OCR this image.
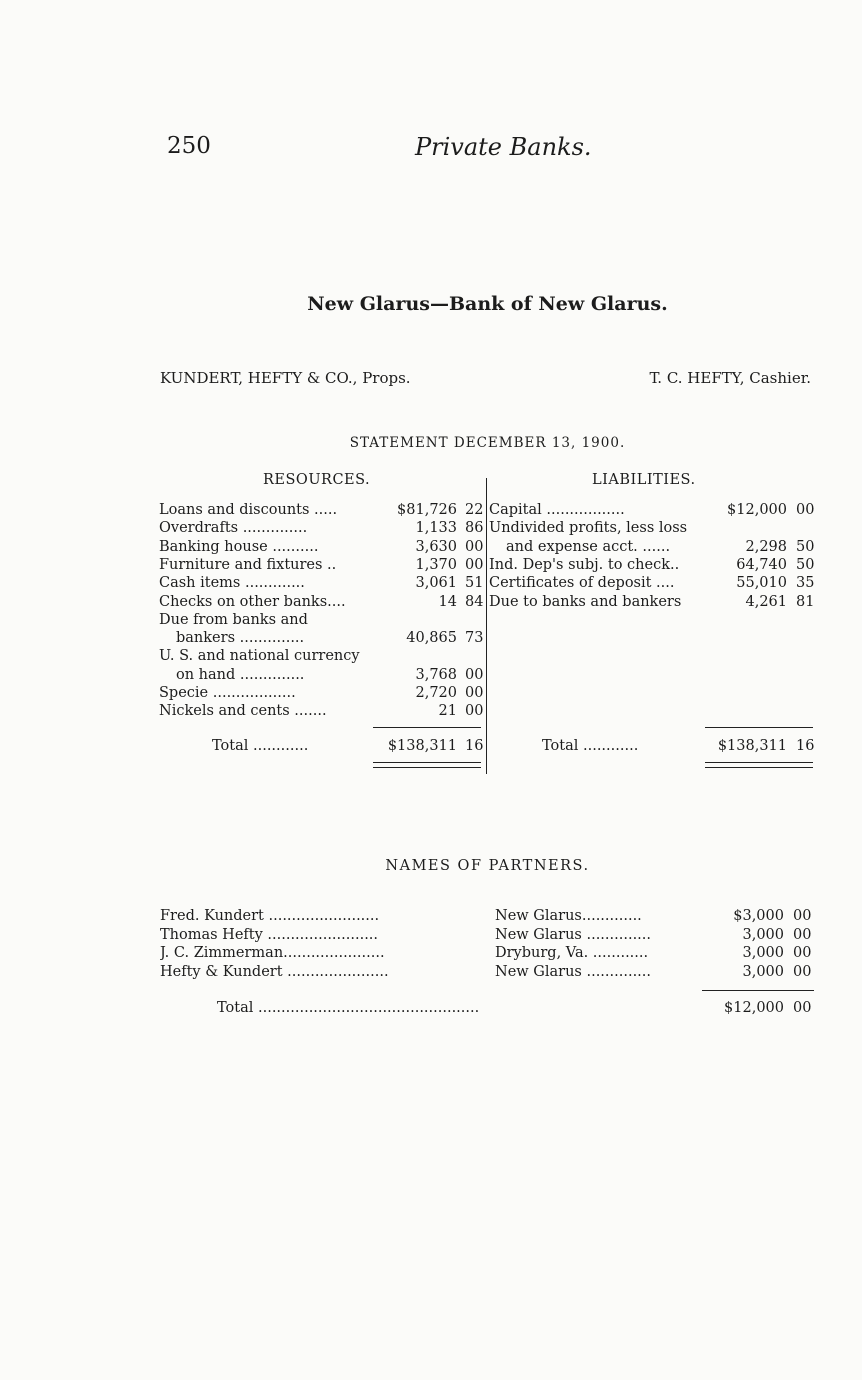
250	Private Banks.
New Glarus—Bank of New Glarus.
KUNDERT, HEFTY & CO., Props.	T. C. HEFTY, Cashier.
STATEMENT DECEMBER 13, 1900.
RESOURCES.
Loans and discounts .....	$81,726 22
Overdrafts ..............	1,133 86
Banking house ..........	3,630 00
Furniture and fixtures ..	1,370 00
Cash items .............	3,061 51
Checks on other banks....	14 84
Due from banks and
bankers ..............	40,865 73
U. S. and national currency
on hand ..............	3,768 00
Specie ..................	2,720 00
Nickels and cents .......	21 00
Total ............	$138,311 16
LIABILITIES.
Capital .................	$12,000 00
Undivided profits, less loss
and expense acct. ......	2,298 50
Ind. Dep's subj. to check..	64,740 50
Certificates of deposit ....	55,010 35
Due to banks and bankers	4,261 81
Total ............	$138,311 16
NAMES OF PARTNERS.
Fred. Kundert ........................	New Glarus.............	$3,000 00
Thomas Hefty ........................	New Glarus ..............	3,000 00
J. C. Zimmerman......................	Dryburg, Va. ............	3,000 00
Hefty & Kundert ......................	New Glarus ..............	3,000 00
Total ................................................	$12,000 00
